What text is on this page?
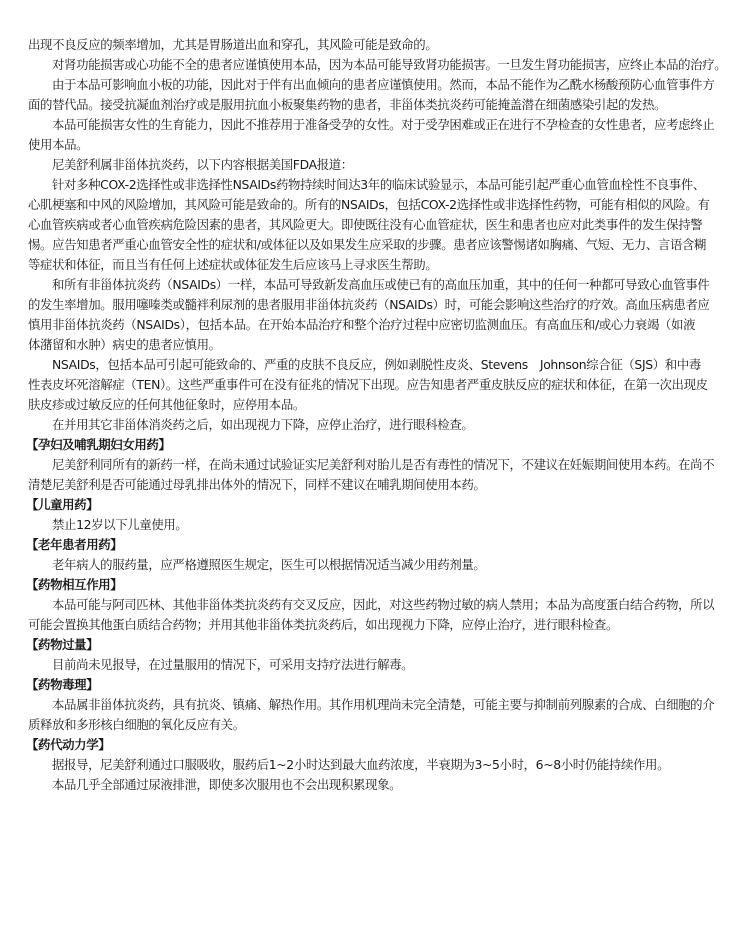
出现不良反应的频率增加，尤其是胃肠道出血和穿孔，其风险可能是致命的。
对肾功能损害或心功能不全的患者应谨慎使用本品，因为本品可能导致肾功能损害。一旦发生肾功能损害，应终止本品的治疗。
由于本品可影响血小板的功能，因此对于伴有出血倾向的患者应谨慎使用。然而，本品不能作为乙酰水杨酸预防心血管事件方
面的替代品。接受抗凝血剂治疗或是服用抗血小板聚集药物的患者，非甾体类抗炎药可能掩盖潜在细菌感染引起的发热。
本品可能损害女性的生育能力，因此不推荐用于准备受孕的女性。对于受孕困难或正在进行不孕检查的女性患者，应考虑终止
使用本品。
尼美舒利属非甾体抗炎药，以下内容根据美国FDA报道：
针对多种COX-2选择性或非选择性NSAIDs药物持续时间达3年的临床试验显示，本品可能引起严重心血管血栓性不良事件、
心肌梗塞和中风的风险增加，其风险可能是致命的。所有的NSAIDs，包括COX-2选择性或非选择性药物，可能有相似的风险。有
心血管疾病或者心血管疾病危险因素的患者，其风险更大。即使既往没有心血管症状，医生和患者也应对此类事件的发生保持警
惕。应告知患者严重心血管安全性的症状和/或体征以及如果发生应采取的步骤。患者应该警惕诸如胸痛、气短、无力、言语含糊
等症状和体征，而且当有任何上述症状或体征发生后应该马上寻求医生帮助。
和所有非甾体抗炎药（NSAIDs）一样，本品可导致新发高血压或使已有的高血压加重，其中的任何一种都可导致心血管事件
的发生率增加。服用噻嗪类或髓袢利尿剂的患者服用非甾体抗炎药（NSAIDs）时，可能会影响这些治疗的疗效。高血压病患者应
慎用非甾体抗炎药（NSAIDs），包括本品。在开始本品治疗和整个治疗过程中应密切监测血压。有高血压和/或心力衰竭（如液
体潴留和水肿）病史的患者应慎用。
NSAIDs，包括本品可引起可能致命的、严重的皮肤不良反应，例如剥脱性皮炎、Stevens　Johnson综合征（SJS）和中毒
性表皮坏死溶解症（TEN）。这些严重事件可在没有征兆的情况下出现。应告知患者严重皮肤反应的症状和体征，在第一次出现皮
肤皮疹或过敏反应的任何其他征象时，应停用本品。
在并用其它非甾体消炎药之后，如出现视力下降，应停止治疗，进行眼科检查。
【孕妇及哺乳期妇女用药】
尼美舒利同所有的新药一样，在尚未通过试验证实尼美舒利对胎儿是否有毒性的情况下，不建议在妊娠期间使用本药。在尚不
清楚尼美舒利是否可能通过母乳排出体外的情况下，同样不建议在哺乳期间使用本药。
【儿童用药】
禁止12岁以下儿童使用。
【老年患者用药】
老年病人的服药量，应严格遵照医生规定，医生可以根据情况适当减少用药剂量。
【药物相互作用】
本品可能与阿司匹林、其他非甾体类抗炎药有交叉反应，因此，对这些药物过敏的病人禁用；本品为高度蛋白结合药物，所以
可能会置换其他蛋白质结合药物；并用其他非甾体类抗炎药后，如出现视力下降，应停止治疗，进行眼科检查。
【药物过量】
目前尚未见报导，在过量服用的情况下，可采用支持疗法进行解毒。
【药物毒理】
本品属非甾体抗炎药，具有抗炎、镇痛、解热作用。其作用机理尚未完全清楚，可能主要与抑制前列腺素的合成、白细胞的介
质释放和多形核白细胞的氧化反应有关。
【药代动力学】
据报导，尼美舒利通过口服吸收，服药后1~2小时达到最大血药浓度，半衰期为3~5小时，6~8小时仍能持续作用。
本品几乎全部通过尿液排泄，即使多次服用也不会出现积累现象。
